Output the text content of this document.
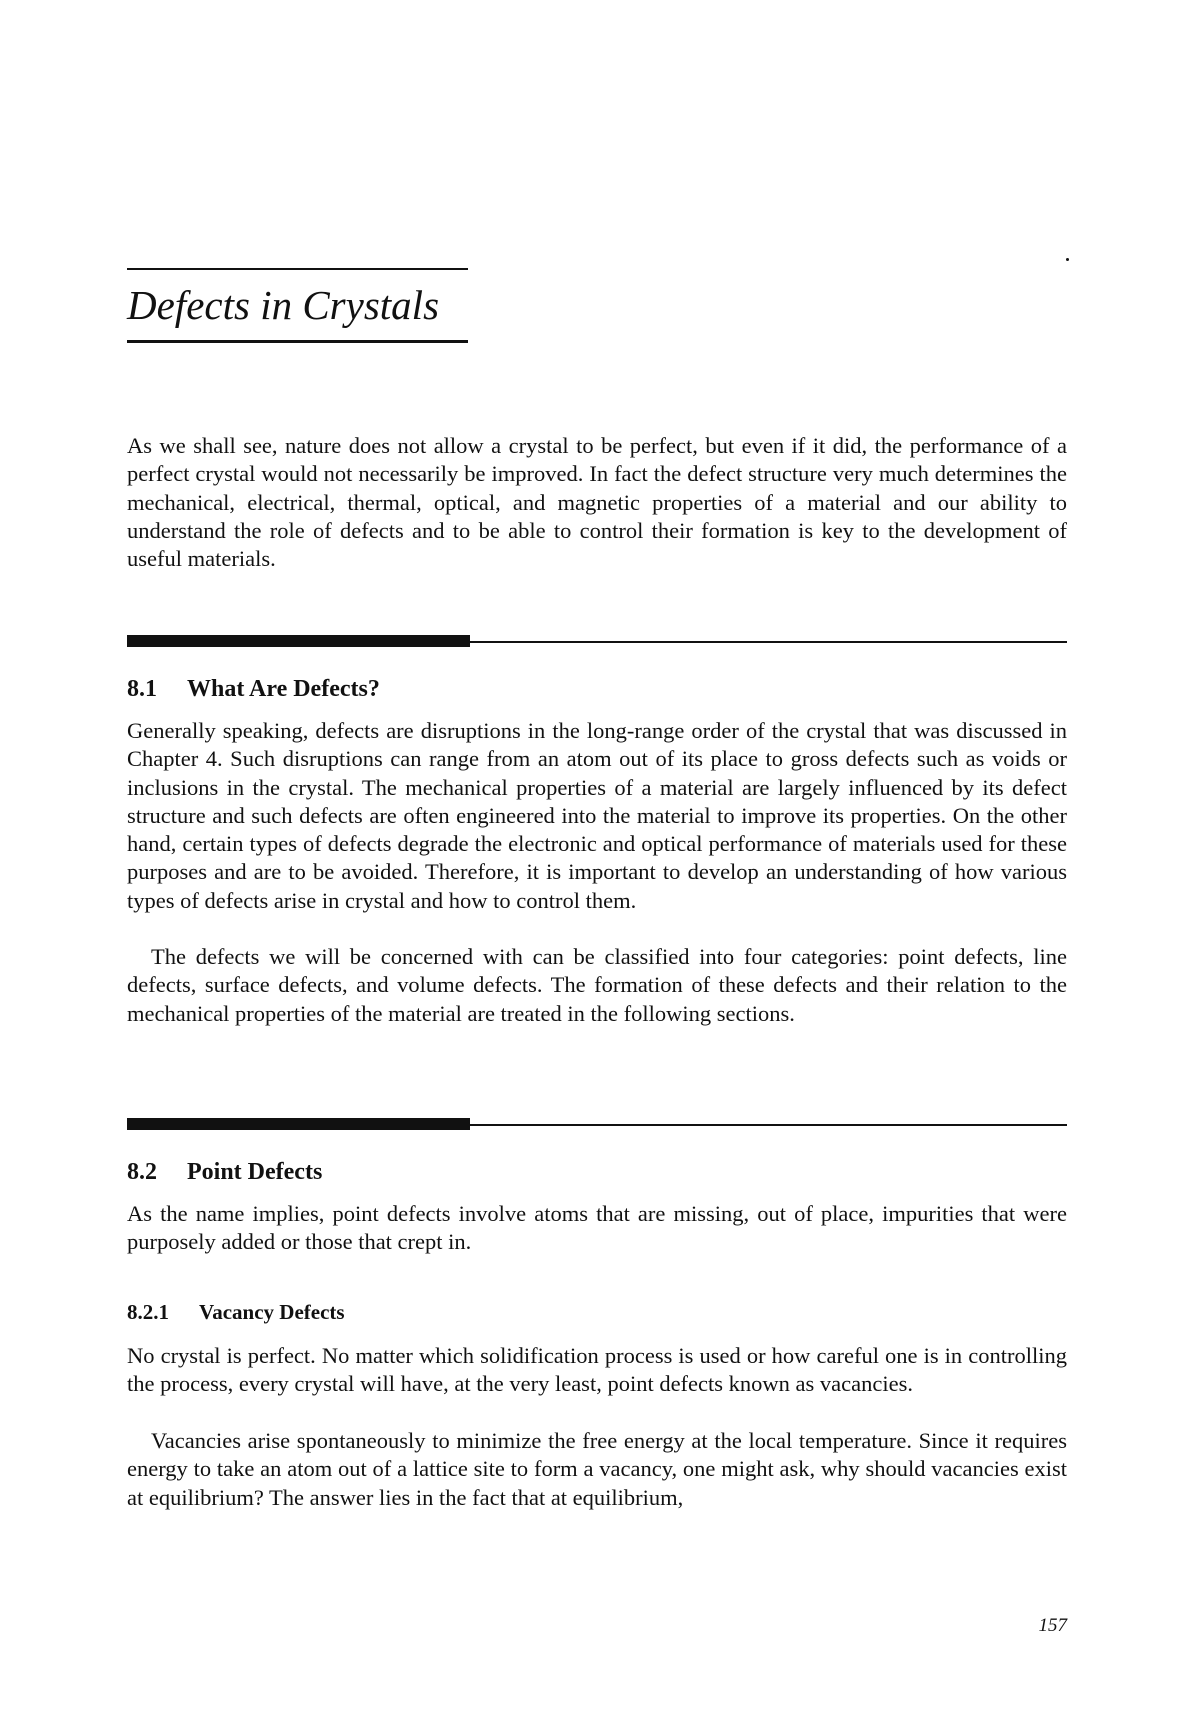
Defects in Crystals

As we shall see, nature does not allow a crystal to be perfect, but even if it did, the performance of a perfect crystal would not necessarily be improved. In fact the defect structure very much determines the mechanical, electrical, thermal, optical, and magnetic properties of a material and our ability to understand the role of defects and to be able to control their formation is key to the development of useful materials.

8.1 What Are Defects?

Generally speaking, defects are disruptions in the long-range order of the crystal that was discussed in Chapter 4. Such disruptions can range from an atom out of its place to gross defects such as voids or inclusions in the crystal. The mechanical properties of a material are largely influenced by its defect structure and such defects are often engineered into the material to improve its properties. On the other hand, certain types of defects degrade the electronic and optical performance of materials used for these purposes and are to be avoided. Therefore, it is important to develop an understanding of how various types of defects arise in crystal and how to control them.

The defects we will be concerned with can be classified into four categories: point defects, line defects, surface defects, and volume defects. The formation of these defects and their relation to the mechanical properties of the material are treated in the following sections.

8.2 Point Defects

As the name implies, point defects involve atoms that are missing, out of place, impurities that were purposely added or those that crept in.

8.2.1 Vacancy Defects

No crystal is perfect. No matter which solidification process is used or how careful one is in controlling the process, every crystal will have, at the very least, point defects known as vacancies.

Vacancies arise spontaneously to minimize the free energy at the local temperature. Since it requires energy to take an atom out of a lattice site to form a vacancy, one might ask, why should vacancies exist at equilibrium? The answer lies in the fact that at equilibrium,

157
